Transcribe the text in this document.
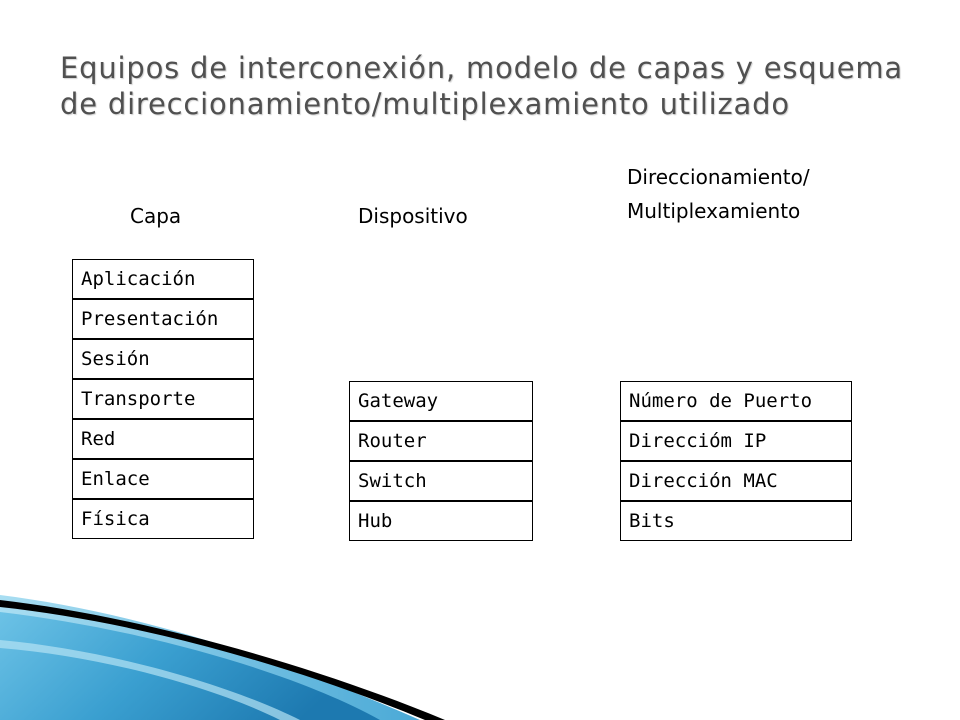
Equipos de interconexión, modelo de capas y esquema de direccionamiento/multiplexamiento utilizado
Capa	Dispositivo
Direccionamiento/
Multiplexamiento
Aplicación
Presentación
Sesión
Transporte
Red
Enlace
Física
Gateway
Router
Switch
Hub
Número de Puerto
Direccióm IP
Dirección MAC
Bits
